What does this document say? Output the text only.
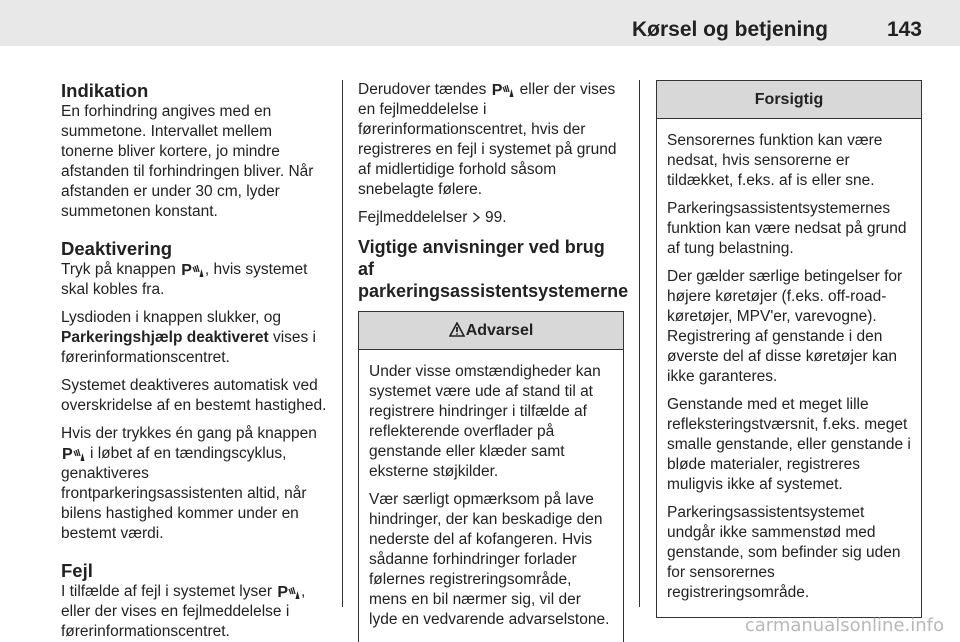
Kørsel og betjening	143
Indikation

En forhindring angives med en summetone. Intervallet mellem tonerne bliver kortere, jo mindre afstanden til forhindringen bliver. Når afstanden er under 30 cm, lyder summetonen konstant.

Deaktivering

Tryk på knappen P , hvis systemet skal kobles fra.

Lysdioden i knappen slukker, og Parkeringshjælp deaktiveret vises i førerinformationscentret.

Systemet deaktiveres automatisk ved overskridelse af en bestemt hastighed.

Hvis der trykkes én gang på knappen
P i løbet af en tændingscyklus, genaktiveres frontparkeringsassistenten altid, når bilens hastighed kommer under en bestemt værdi.

Fejl

I tilfælde af fejl i systemet lyser P , eller der vises en fejlmeddelelse i førerinformationscentret.

Derudover tændes P eller der vises en fejlmeddelelse i førerinformationscentret, hvis der registreres en fejl i systemet på grund af midlertidige forhold såsom snebelagte følere.

Fejlmeddelelser 99.

Vigtige anvisninger ved brug af parkeringsassistentsystemerne
Advarsel

Under visse omstændigheder kan systemet være ude af stand til at registrere hindringer i tilfælde af reflekterende overflader på genstande eller klæder samt eksterne støjkilder.

Vær særligt opmærksom på lave hindringer, der kan beskadige den nederste del af kofangeren. Hvis sådanne forhindringer forlader følernes registreringsområde, mens en bil nærmer sig, vil der lyde en vedvarende advarselstone.

Forsigtig

Sensorernes funktion kan være nedsat, hvis sensorerne er tildækket, f.eks. af is eller sne.

Parkeringsassistentsystemernes funktion kan være nedsat på grund af tung belastning.

Der gælder særlige betingelser for højere køretøjer (f.eks. off-road-køretøjer, MPV'er, varevogne). Registrering af genstande i den øverste del af disse køretøjer kan ikke garanteres.

Genstande med et meget lille refleksteringstværsnit, f.eks. meget smalle genstande, eller genstande i bløde materialer, registreres muligvis ikke af systemet.

Parkeringsassistentsystemet undgår ikke sammenstød med genstande, som befinder sig uden for sensorernes registreringsområde.

carmanualsonline.info
